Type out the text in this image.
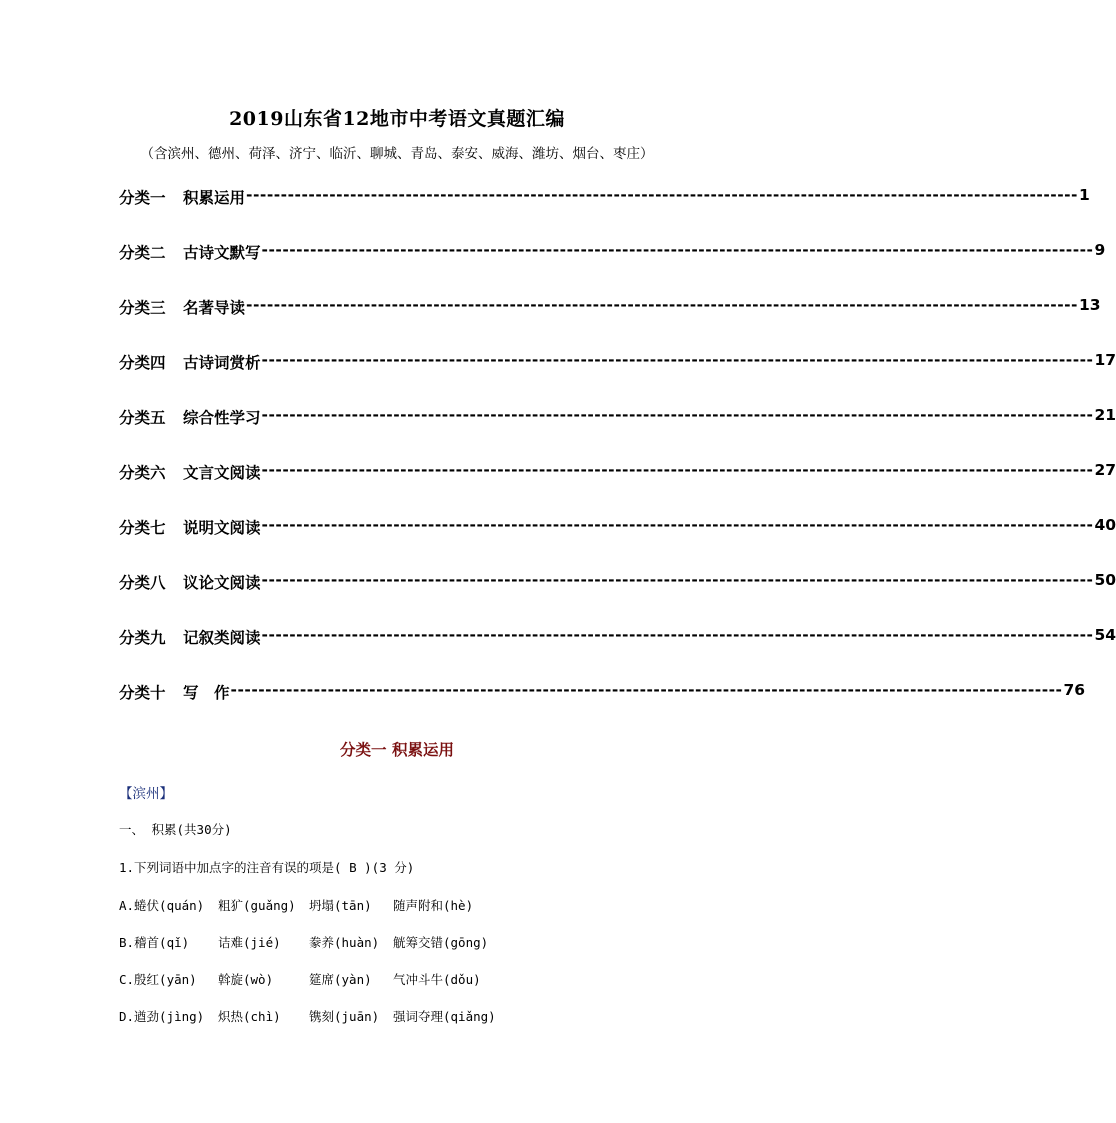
2019山东省12地市中考语文真题汇编
（含滨州、德州、荷泽、济宁、临沂、聊城、青岛、泰安、威海、潍坊、烟台、枣庄）
分类一	积累运用 ------------------------------------------------------------------------------------------------------------------------ 1
分类二	古诗文默写 ------------------------------------------------------------------------------------------------------------------------ 9
分类三	名著导读 ------------------------------------------------------------------------------------------------------------------------ 13
分类四	古诗词赏析 ------------------------------------------------------------------------------------------------------------------------ 17
分类五	综合性学习 ------------------------------------------------------------------------------------------------------------------------ 21
分类六	文言文阅读 ------------------------------------------------------------------------------------------------------------------------ 27
分类七	说明文阅读 ------------------------------------------------------------------------------------------------------------------------ 40
分类八	议论文阅读 ------------------------------------------------------------------------------------------------------------------------ 50
分类九	记叙类阅读 ------------------------------------------------------------------------------------------------------------------------ 54
分类十	写　作 ------------------------------------------------------------------------------------------------------------------------ 76
分类一 积累运用
【滨州】
一、 积累(共30分)
1.下列词语中加点字的注音有误的项是( B )(3 分)
A.蜷伏(quán)	粗犷(guǎng)	坍塌(tān)	随声附和(hè)
B.稽首(qǐ)	诘难(jié)	豢养(huàn)	觥筹交错(gōng)
C.殷红(yān)	斡旋(wò)	筵席(yàn)	气冲斗牛(dǒu)
D.遒劲(jìng)	炽热(chì)	镌刻(juān)	强词夺理(qiǎng)
